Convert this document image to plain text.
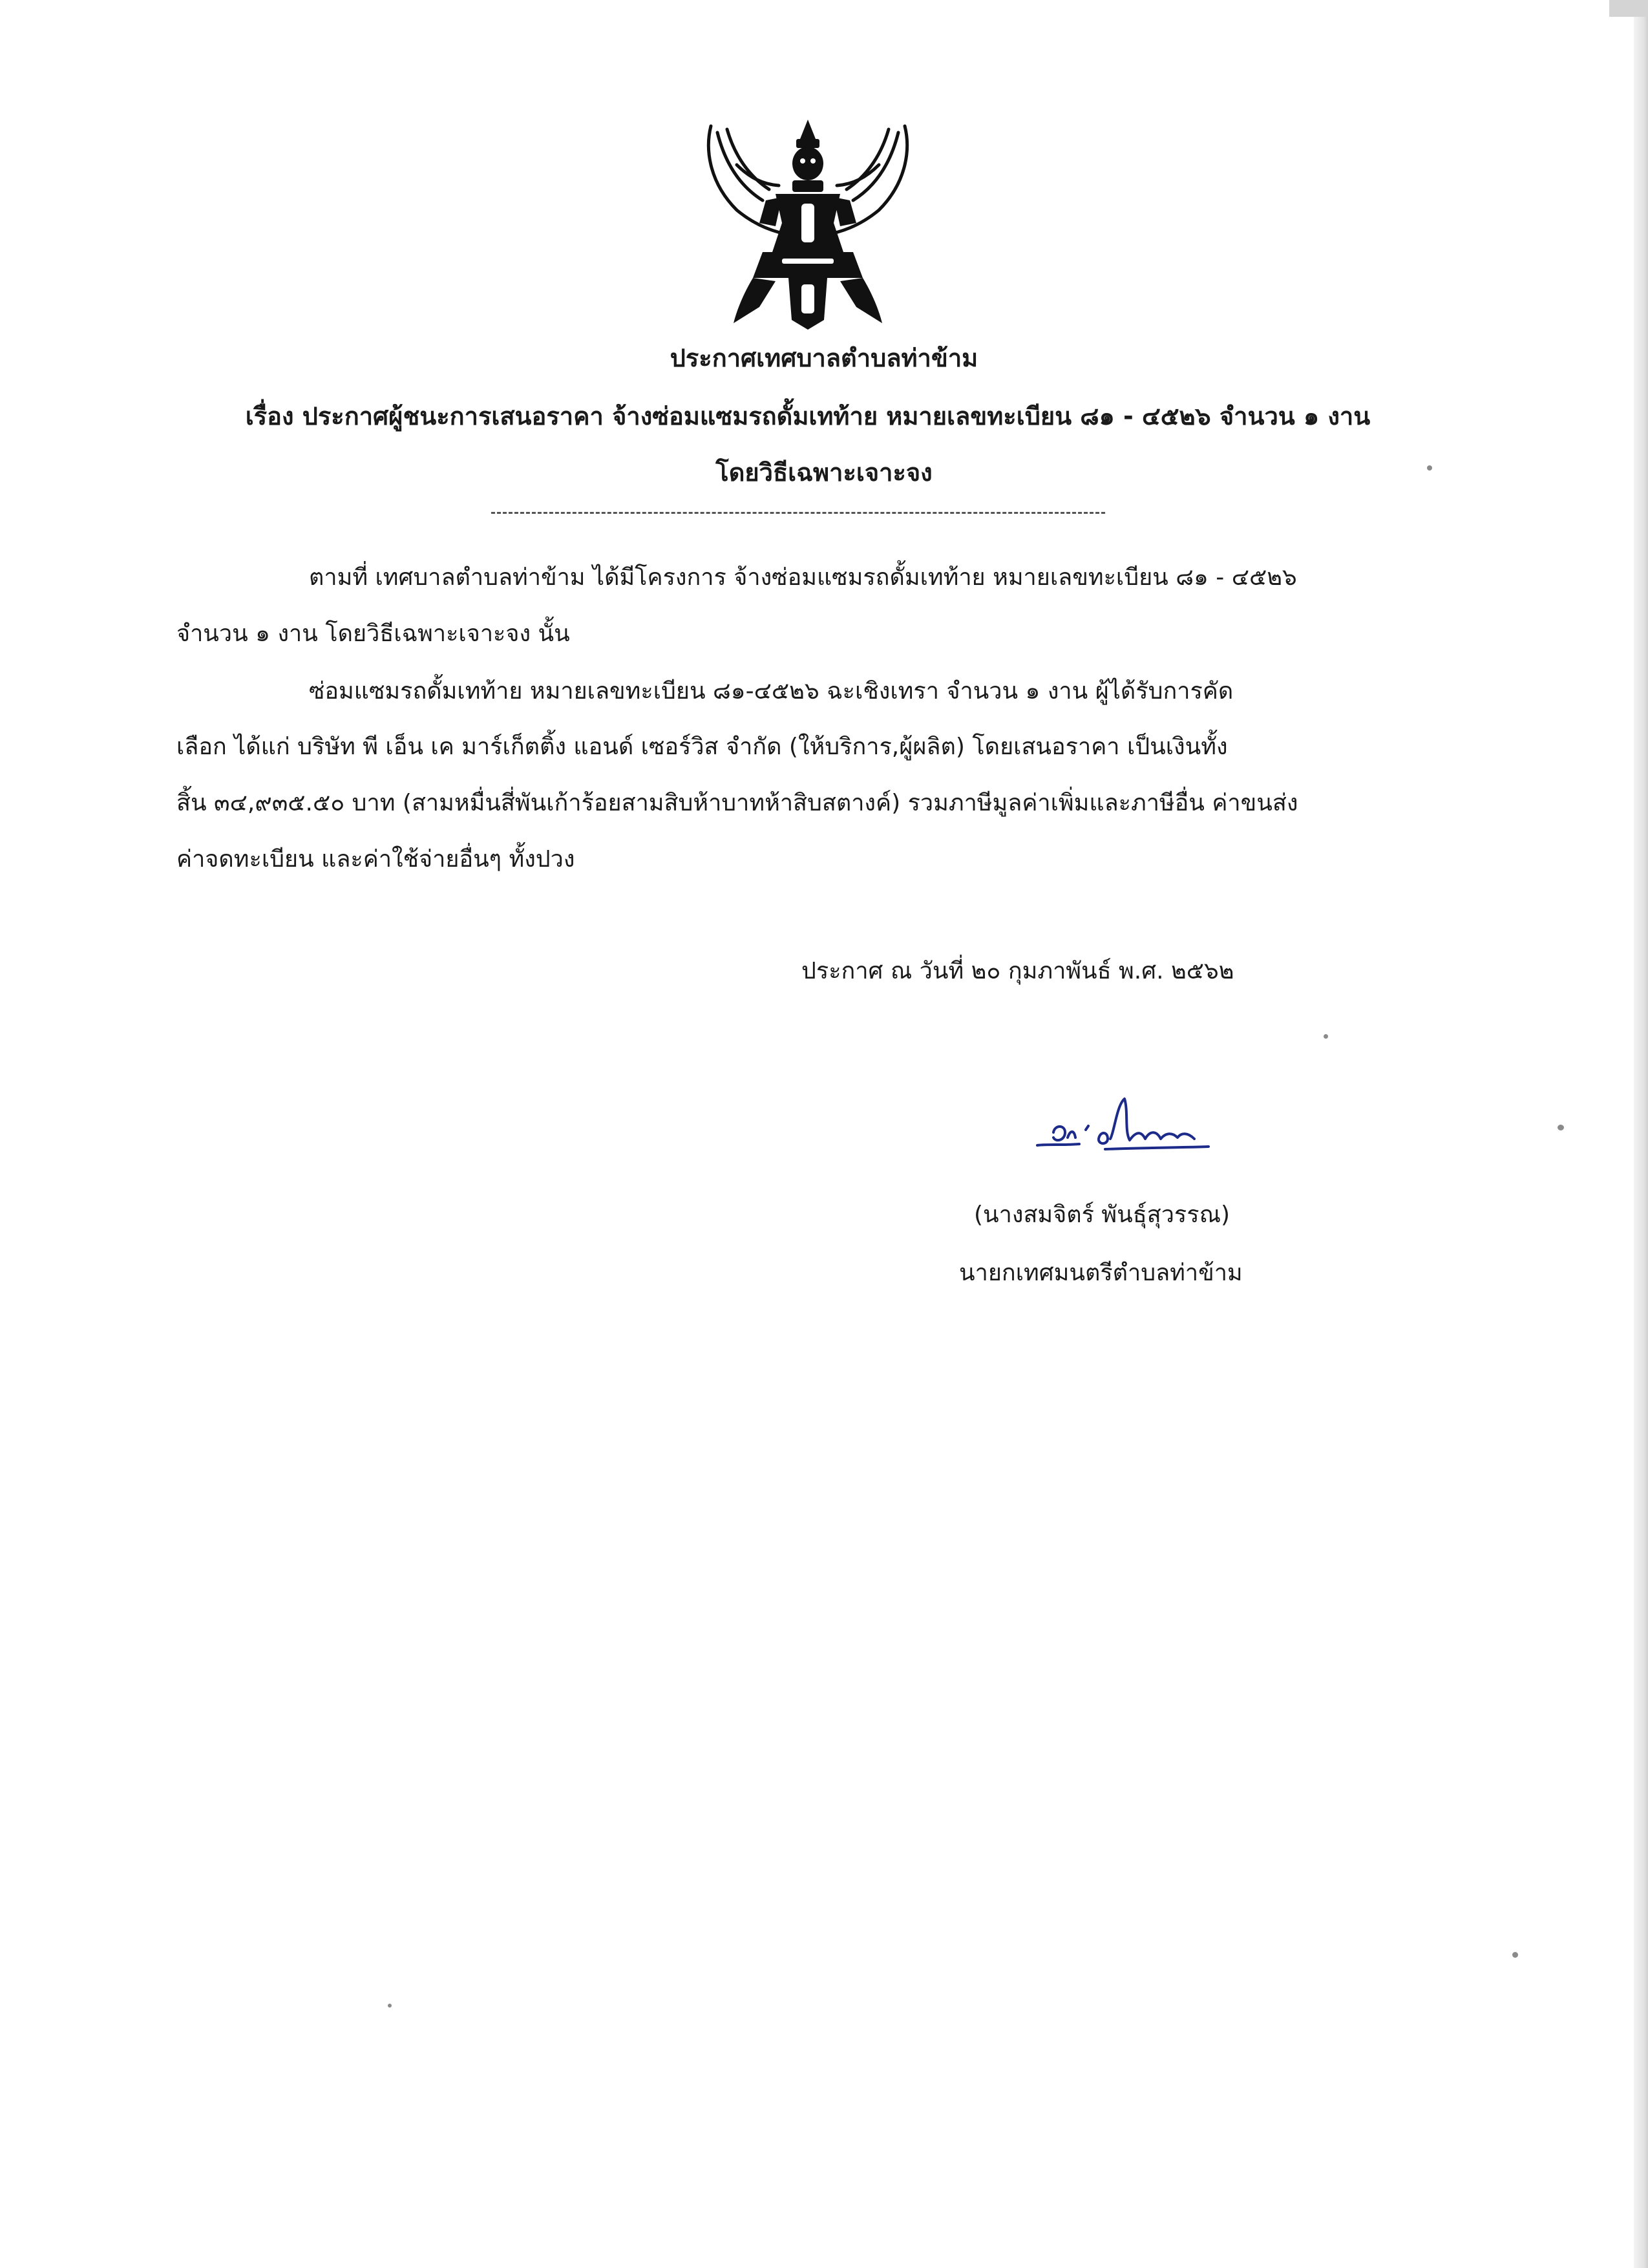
ประกาศเทศบาลตำบลท่าข้าม
เรื่อง ประกาศผู้ชนะการเสนอราคา จ้างซ่อมแซมรถดั้มเทท้าย หมายเลขทะเบียน ๘๑ - ๔๕๒๖ จำนวน ๑ งาน
โดยวิธีเฉพาะเจาะจง
ตามที่ เทศบาลตำบลท่าข้าม ได้มีโครงการ จ้างซ่อมแซมรถดั้มเทท้าย หมายเลขทะเบียน ๘๑ - ๔๕๒๖
จำนวน ๑ งาน โดยวิธีเฉพาะเจาะจง นั้น
ซ่อมแซมรถดั้มเทท้าย หมายเลขทะเบียน ๘๑-๔๕๒๖ ฉะเชิงเทรา จำนวน ๑ งาน ผู้ได้รับการคัด
เลือก ได้แก่ บริษัท พี เอ็น เค มาร์เก็ตติ้ง แอนด์ เซอร์วิส จำกัด (ให้บริการ,ผู้ผลิต) โดยเสนอราคา เป็นเงินทั้ง
สิ้น ๓๔,๙๓๕.๕๐ บาท (สามหมื่นสี่พันเก้าร้อยสามสิบห้าบาทห้าสิบสตางค์) รวมภาษีมูลค่าเพิ่มและภาษีอื่น ค่าขนส่ง
ค่าจดทะเบียน และค่าใช้จ่ายอื่นๆ ทั้งปวง
ประกาศ ณ วันที่ ๒๐ กุมภาพันธ์ พ.ศ. ๒๕๖๒
(นางสมจิตร์ พันธุ์สุวรรณ)
นายกเทศมนตรีตำบลท่าข้าม
